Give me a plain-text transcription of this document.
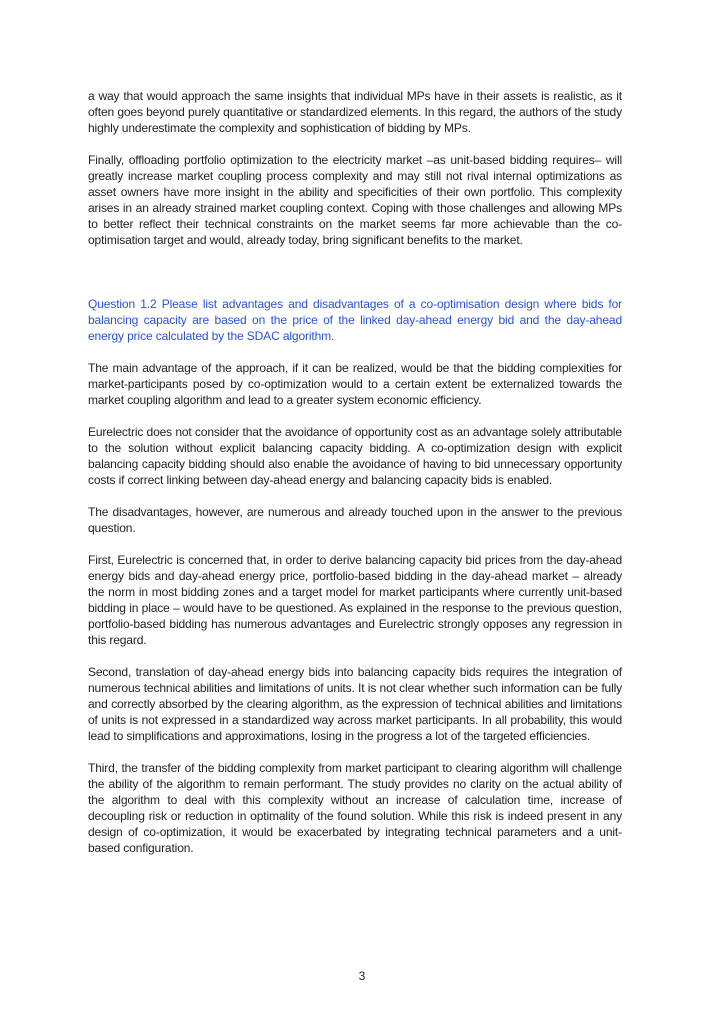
a way that would approach the same insights that individual MPs have in their assets is realistic, as it often goes beyond purely quantitative or standardized elements. In this regard, the authors of the study highly underestimate the complexity and sophistication of bidding by MPs.

Finally, offloading portfolio optimization to the electricity market –as unit-based bidding requires– will greatly increase market coupling process complexity and may still not rival internal optimizations as asset owners have more insight in the ability and specificities of their own portfolio. This complexity arises in an already strained market coupling context. Coping with those challenges and allowing MPs to better reflect their technical constraints on the market seems far more achievable than the co-optimisation target and would, already today, bring significant benefits to the market.

Question 1.2 Please list advantages and disadvantages of a co-optimisation design where bids for balancing capacity are based on the price of the linked day-ahead energy bid and the day-ahead energy price calculated by the SDAC algorithm.

The main advantage of the approach, if it can be realized, would be that the bidding complexities for market-participants posed by co-optimization would to a certain extent be externalized towards the market coupling algorithm and lead to a greater system economic efficiency.

Eurelectric does not consider that the avoidance of opportunity cost as an advantage solely attributable to the solution without explicit balancing capacity bidding. A co-optimization design with explicit balancing capacity bidding should also enable the avoidance of having to bid unnecessary opportunity costs if correct linking between day-ahead energy and balancing capacity bids is enabled.

The disadvantages, however, are numerous and already touched upon in the answer to the previous question.

First, Eurelectric is concerned that, in order to derive balancing capacity bid prices from the day-ahead energy bids and day-ahead energy price, portfolio-based bidding in the day-ahead market – already the norm in most bidding zones and a target model for market participants where currently unit-based bidding in place – would have to be questioned. As explained in the response to the previous question, portfolio-based bidding has numerous advantages and Eurelectric strongly opposes any regression in this regard.

Second, translation of day-ahead energy bids into balancing capacity bids requires the integration of numerous technical abilities and limitations of units. It is not clear whether such information can be fully and correctly absorbed by the clearing algorithm, as the expression of technical abilities and limitations of units is not expressed in a standardized way across market participants. In all probability, this would lead to simplifications and approximations, losing in the progress a lot of the targeted efficiencies.

Third, the transfer of the bidding complexity from market participant to clearing algorithm will challenge the ability of the algorithm to remain performant. The study provides no clarity on the actual ability of the algorithm to deal with this complexity without an increase of calculation time, increase of decoupling risk or reduction in optimality of the found solution. While this risk is indeed present in any design of co-optimization, it would be exacerbated by integrating technical parameters and a unit-based configuration.

3
